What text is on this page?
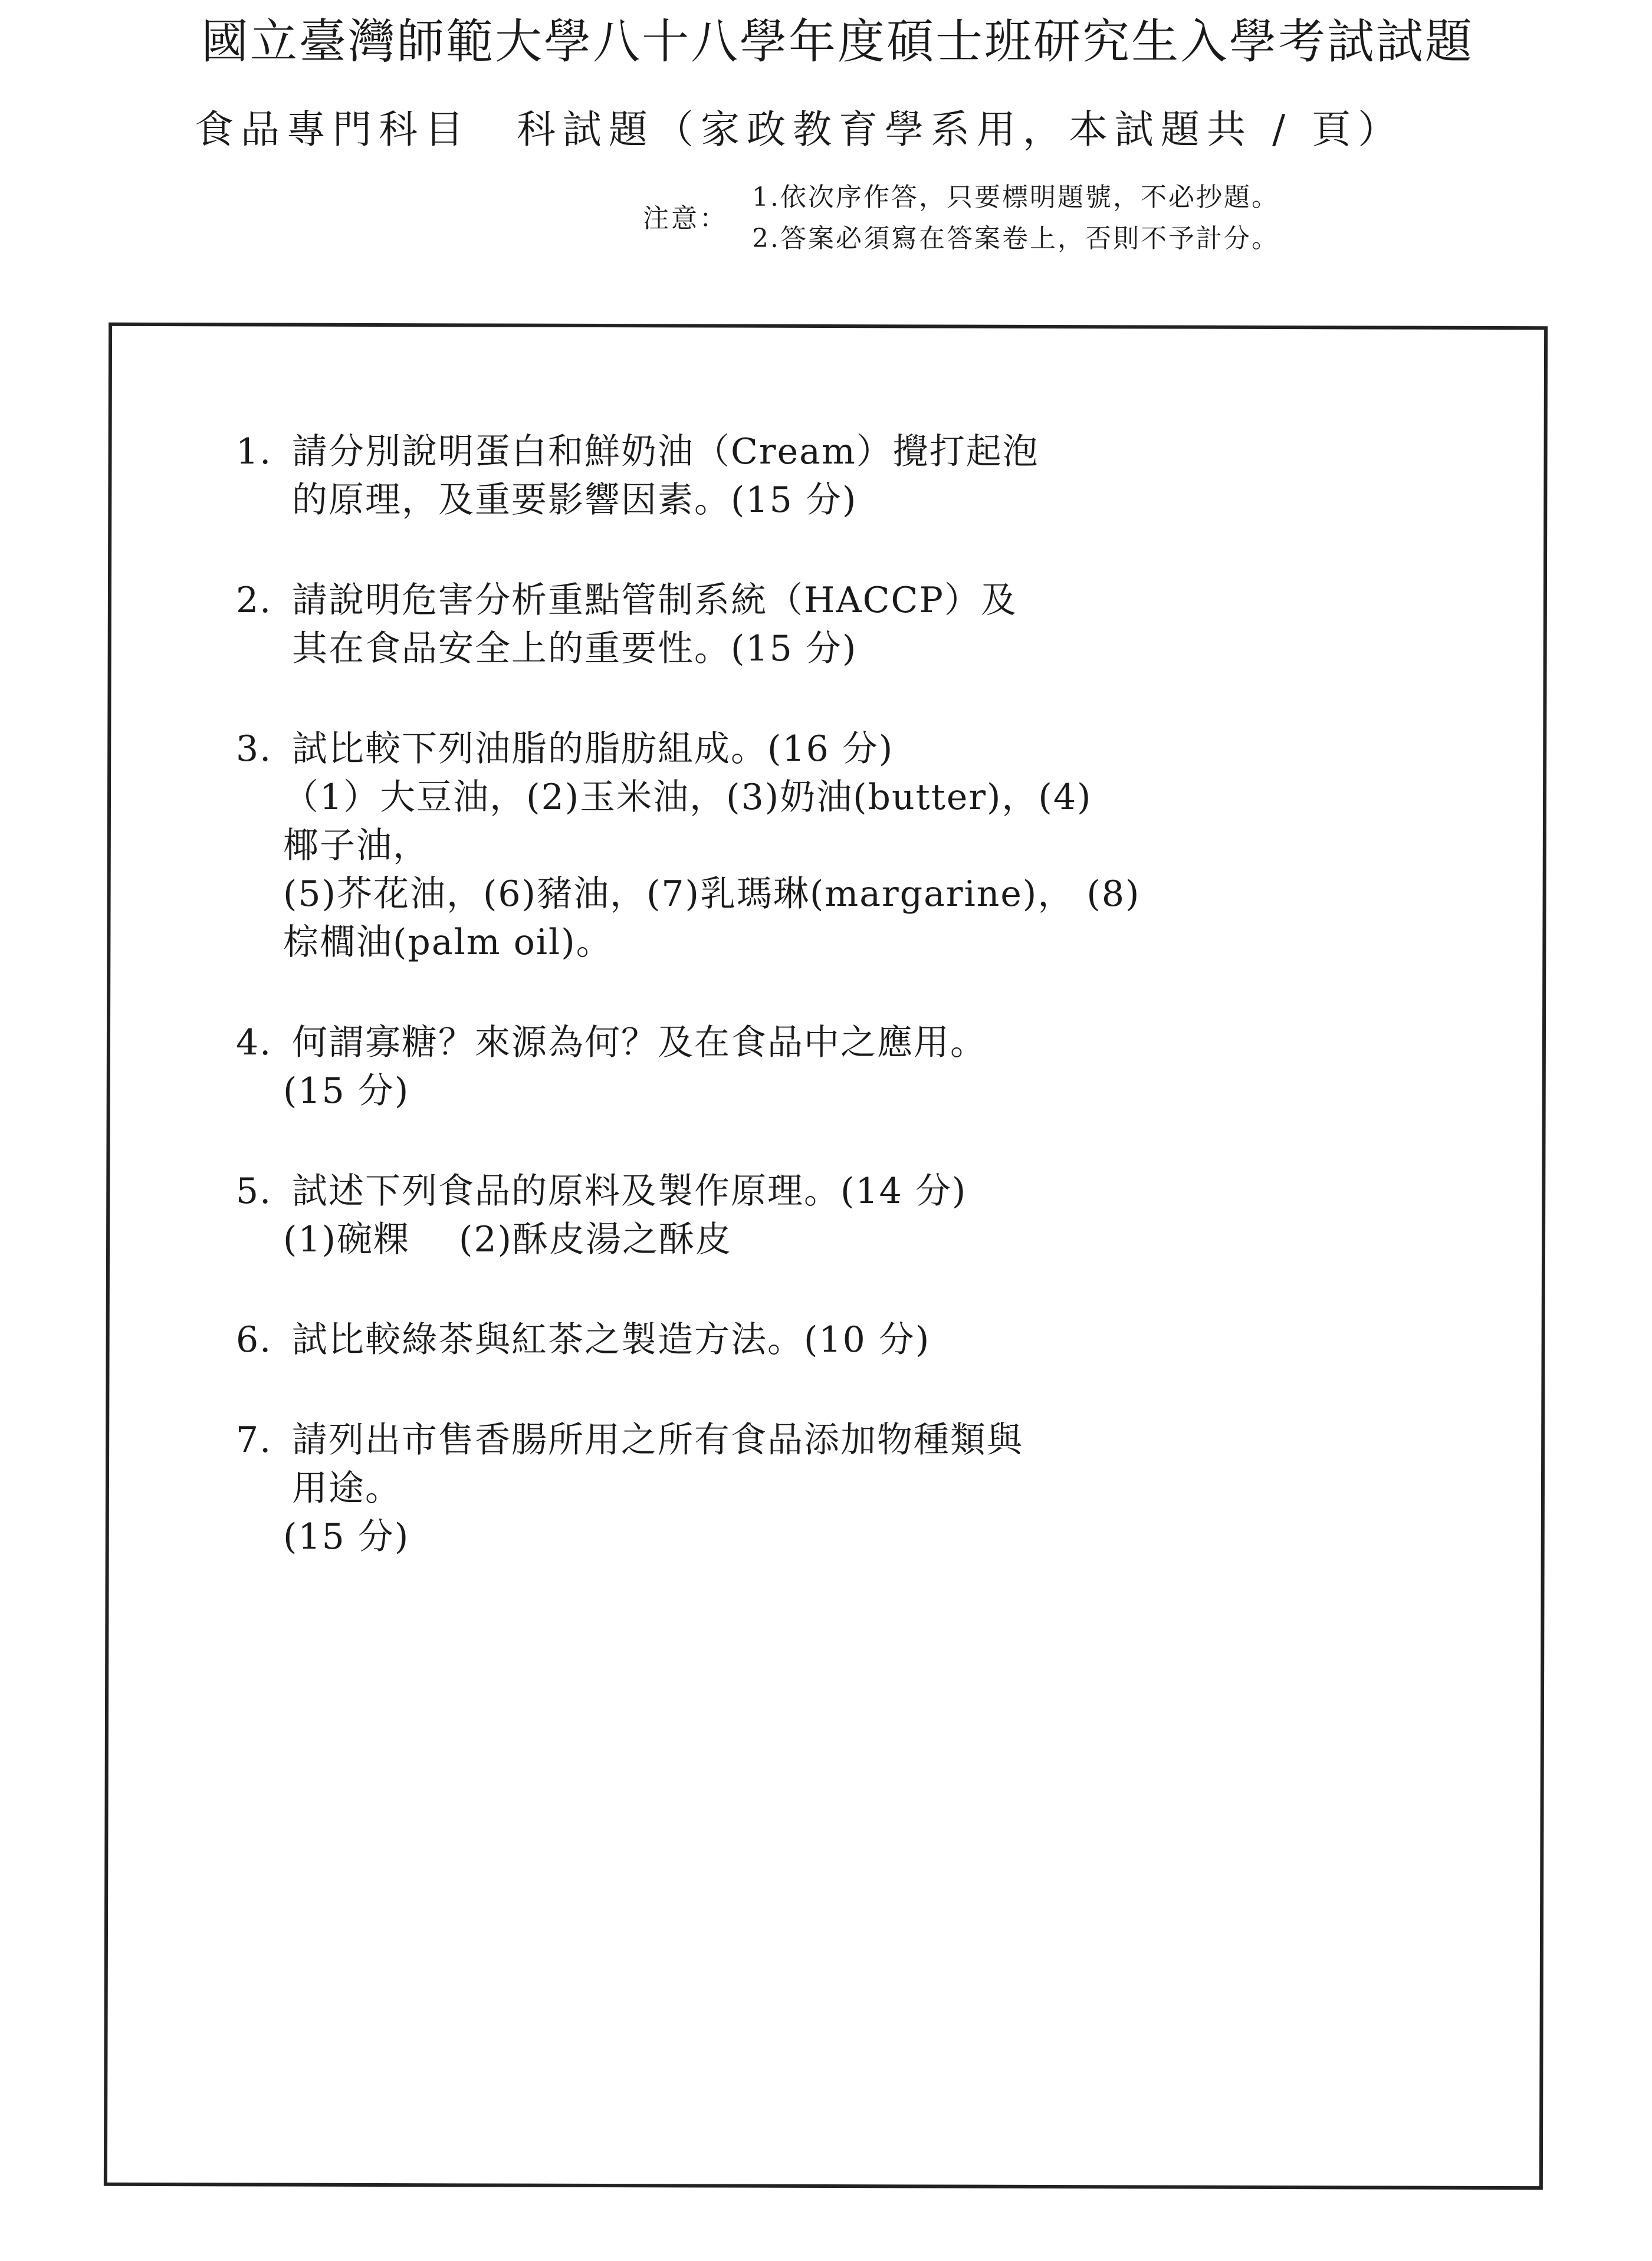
國立臺灣師範大學八十八學年度碩士班研究生入學考試試題
食品專門科目　科試題（家政教育學系用，本試題共 / 頁）
注意：
1.依次序作答，只要標明題號，不必抄題。
2.答案必須寫在答案卷上，否則不予計分。
1. 請分別說明蛋白和鮮奶油（Cream）攪打起泡
的原理，及重要影響因素。(15 分)
2. 請說明危害分析重點管制系統（HACCP）及
其在食品安全上的重要性。(15 分)
3. 試比較下列油脂的脂肪組成。(16 分)
（1）大豆油，(2)玉米油，(3)奶油(butter)，(4)
椰子油，
(5)芥花油，(6)豬油，(7)乳瑪琳(margarine)， (8)
棕櫚油(palm oil)。
4. 何謂寡糖？來源為何？及在食品中之應用。
(15 分)
5. 試述下列食品的原料及製作原理。(14 分)
(1)碗粿　 (2)酥皮湯之酥皮
6. 試比較綠茶與紅茶之製造方法。(10 分)
7. 請列出市售香腸所用之所有食品添加物種類與
用途。
(15 分)
